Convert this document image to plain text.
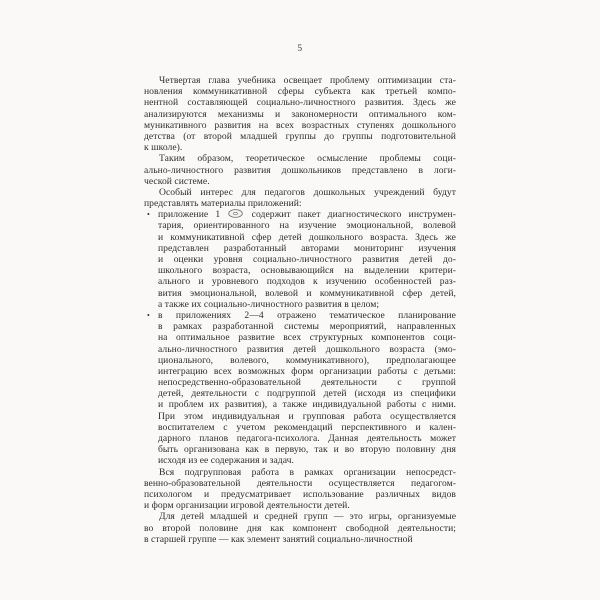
5
Четвертая глава учебника освещает проблему оптимизации ста-
новления коммуникативной сферы субъекта как третьей компо-
нентной составляющей социально-личностного развития. Здесь же
анализируются механизмы и закономерности оптимального ком-
муникативного развития на всех возрастных ступенях дошкольного
детства (от второй младшей группы до группы подготовительной
к школе).
Таким образом, теоретическое осмысление проблемы соци-
ально-личностного развития дошкольников представлено в логи-
ческой системе.
Особый интерес для педагогов дошкольных учреждений будут
представлять материалы приложений:
• приложение 1
содержит пакет диагностического инструмен-
тария, ориентированного на изучение эмоциональной, волевой
и коммуникативной сфер детей дошкольного возраста. Здесь же
представлен разработанный авторами мониторинг изучения
и оценки уровня социально-личностного развития детей до-
школьного возраста, основывающийся на выделении критери-
ального и уровневого подходов к изучению особенностей раз-
вития эмоциональной, волевой и коммуникативной сфер детей,
а также их социально-личностного развития в целом;
• в приложениях 2—4 отражено тематическое планирование
в рамках разработанной системы мероприятий, направленных
на оптимальное развитие всех структурных компонентов соци-
ально-личностного развития детей дошкольного возраста (эмо-
ционального, волевого, коммуникативного), предполагающее
интеграцию всех возможных форм организации работы с детьми:
непосредственно-образовательной деятельности с группой
детей, деятельности с подгруппой детей (исходя из специфики
и проблем их развития), а также индивидуальной работы с ними.
При этом индивидуальная и групповая работа осуществляется
воспитателем с учетом рекомендаций перспективного и кален-
дарного планов педагога-психолога. Данная деятельность может
быть организована как в первую, так и во вторую половину дня
исходя из ее содержания и задач.
Вся подгрупповая работа в рамках организации непосредст-
венно-образовательной деятельности осуществляется педагогом-
психологом и предусматривает использование различных видов
и форм организации игровой деятельности детей.
Для детей младшей и средней групп — это игры, организуемые
во второй половине дня как компонент свободной деятельности;
в старшей группе — как элемент занятий социально-личностной
